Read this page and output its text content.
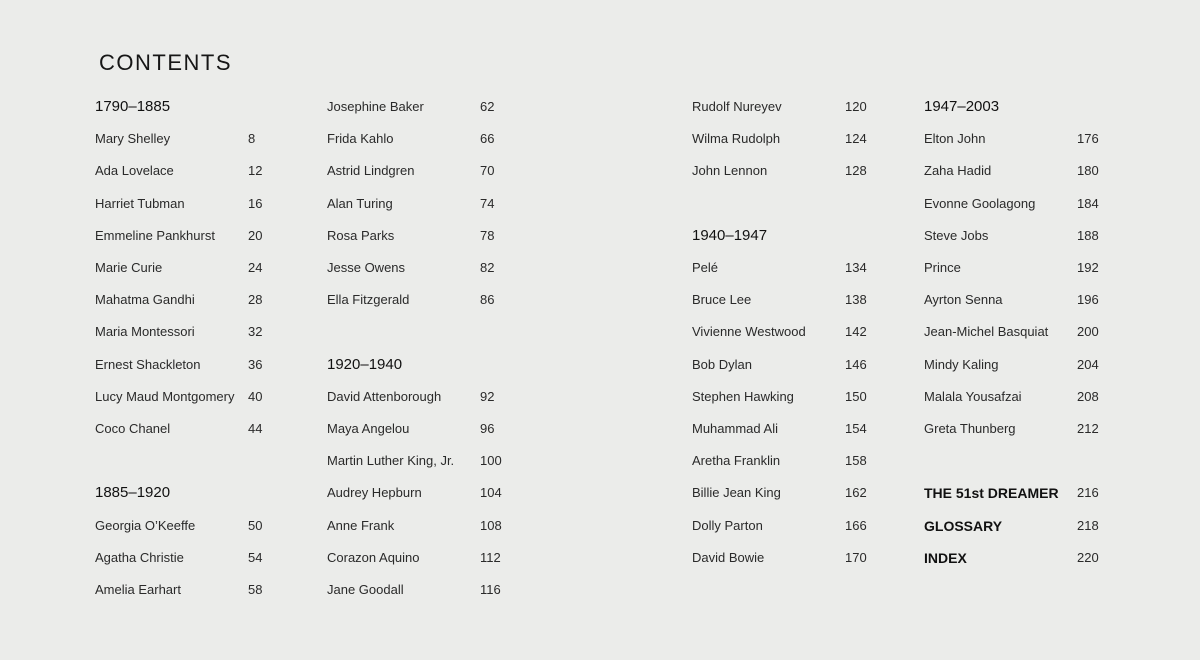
CONTENTS
1790–1885
Mary Shelley	8
Ada Lovelace	12
Harriet Tubman	16
Emmeline Pankhurst	20
Marie Curie	24
Mahatma Gandhi	28
Maria Montessori	32
Ernest Shackleton	36
Lucy Maud Montgomery 40
Coco Chanel	44
1885–1920
Georgia O’Keeffe	50
Agatha Christie	54
Amelia Earhart	58
Josephine Baker	62
Frida Kahlo	66
Astrid Lindgren	70
Alan Turing	74
Rosa Parks	78
Jesse Owens	82
Ella Fitzgerald	86
1920–1940
David Attenborough	92
Maya Angelou	96
Martin Luther King, Jr. 100
Audrey Hepburn	104
Anne Frank	108
Corazon Aquino	112
Jane Goodall	116
Rudolf Nureyev	120
Wilma Rudolph	124
John Lennon	128
1940–1947
Pelé	134
Bruce Lee	138
Vivienne Westwood	142
Bob Dylan	146
Stephen Hawking	150
Muhammad Ali	154
Aretha Franklin	158
Billie Jean King	162
Dolly Parton	166
David Bowie	170
1947–2003
Elton John	176
Zaha Hadid	180
Evonne Goolagong	184
Steve Jobs	188
Prince	192
Ayrton Senna	196
Jean-Michel Basquiat 200
Mindy Kaling	204
Malala Yousafzai	208
Greta Thunberg	212
THE 51st DREAMER 216
GLOSSARY	218
INDEX	220
